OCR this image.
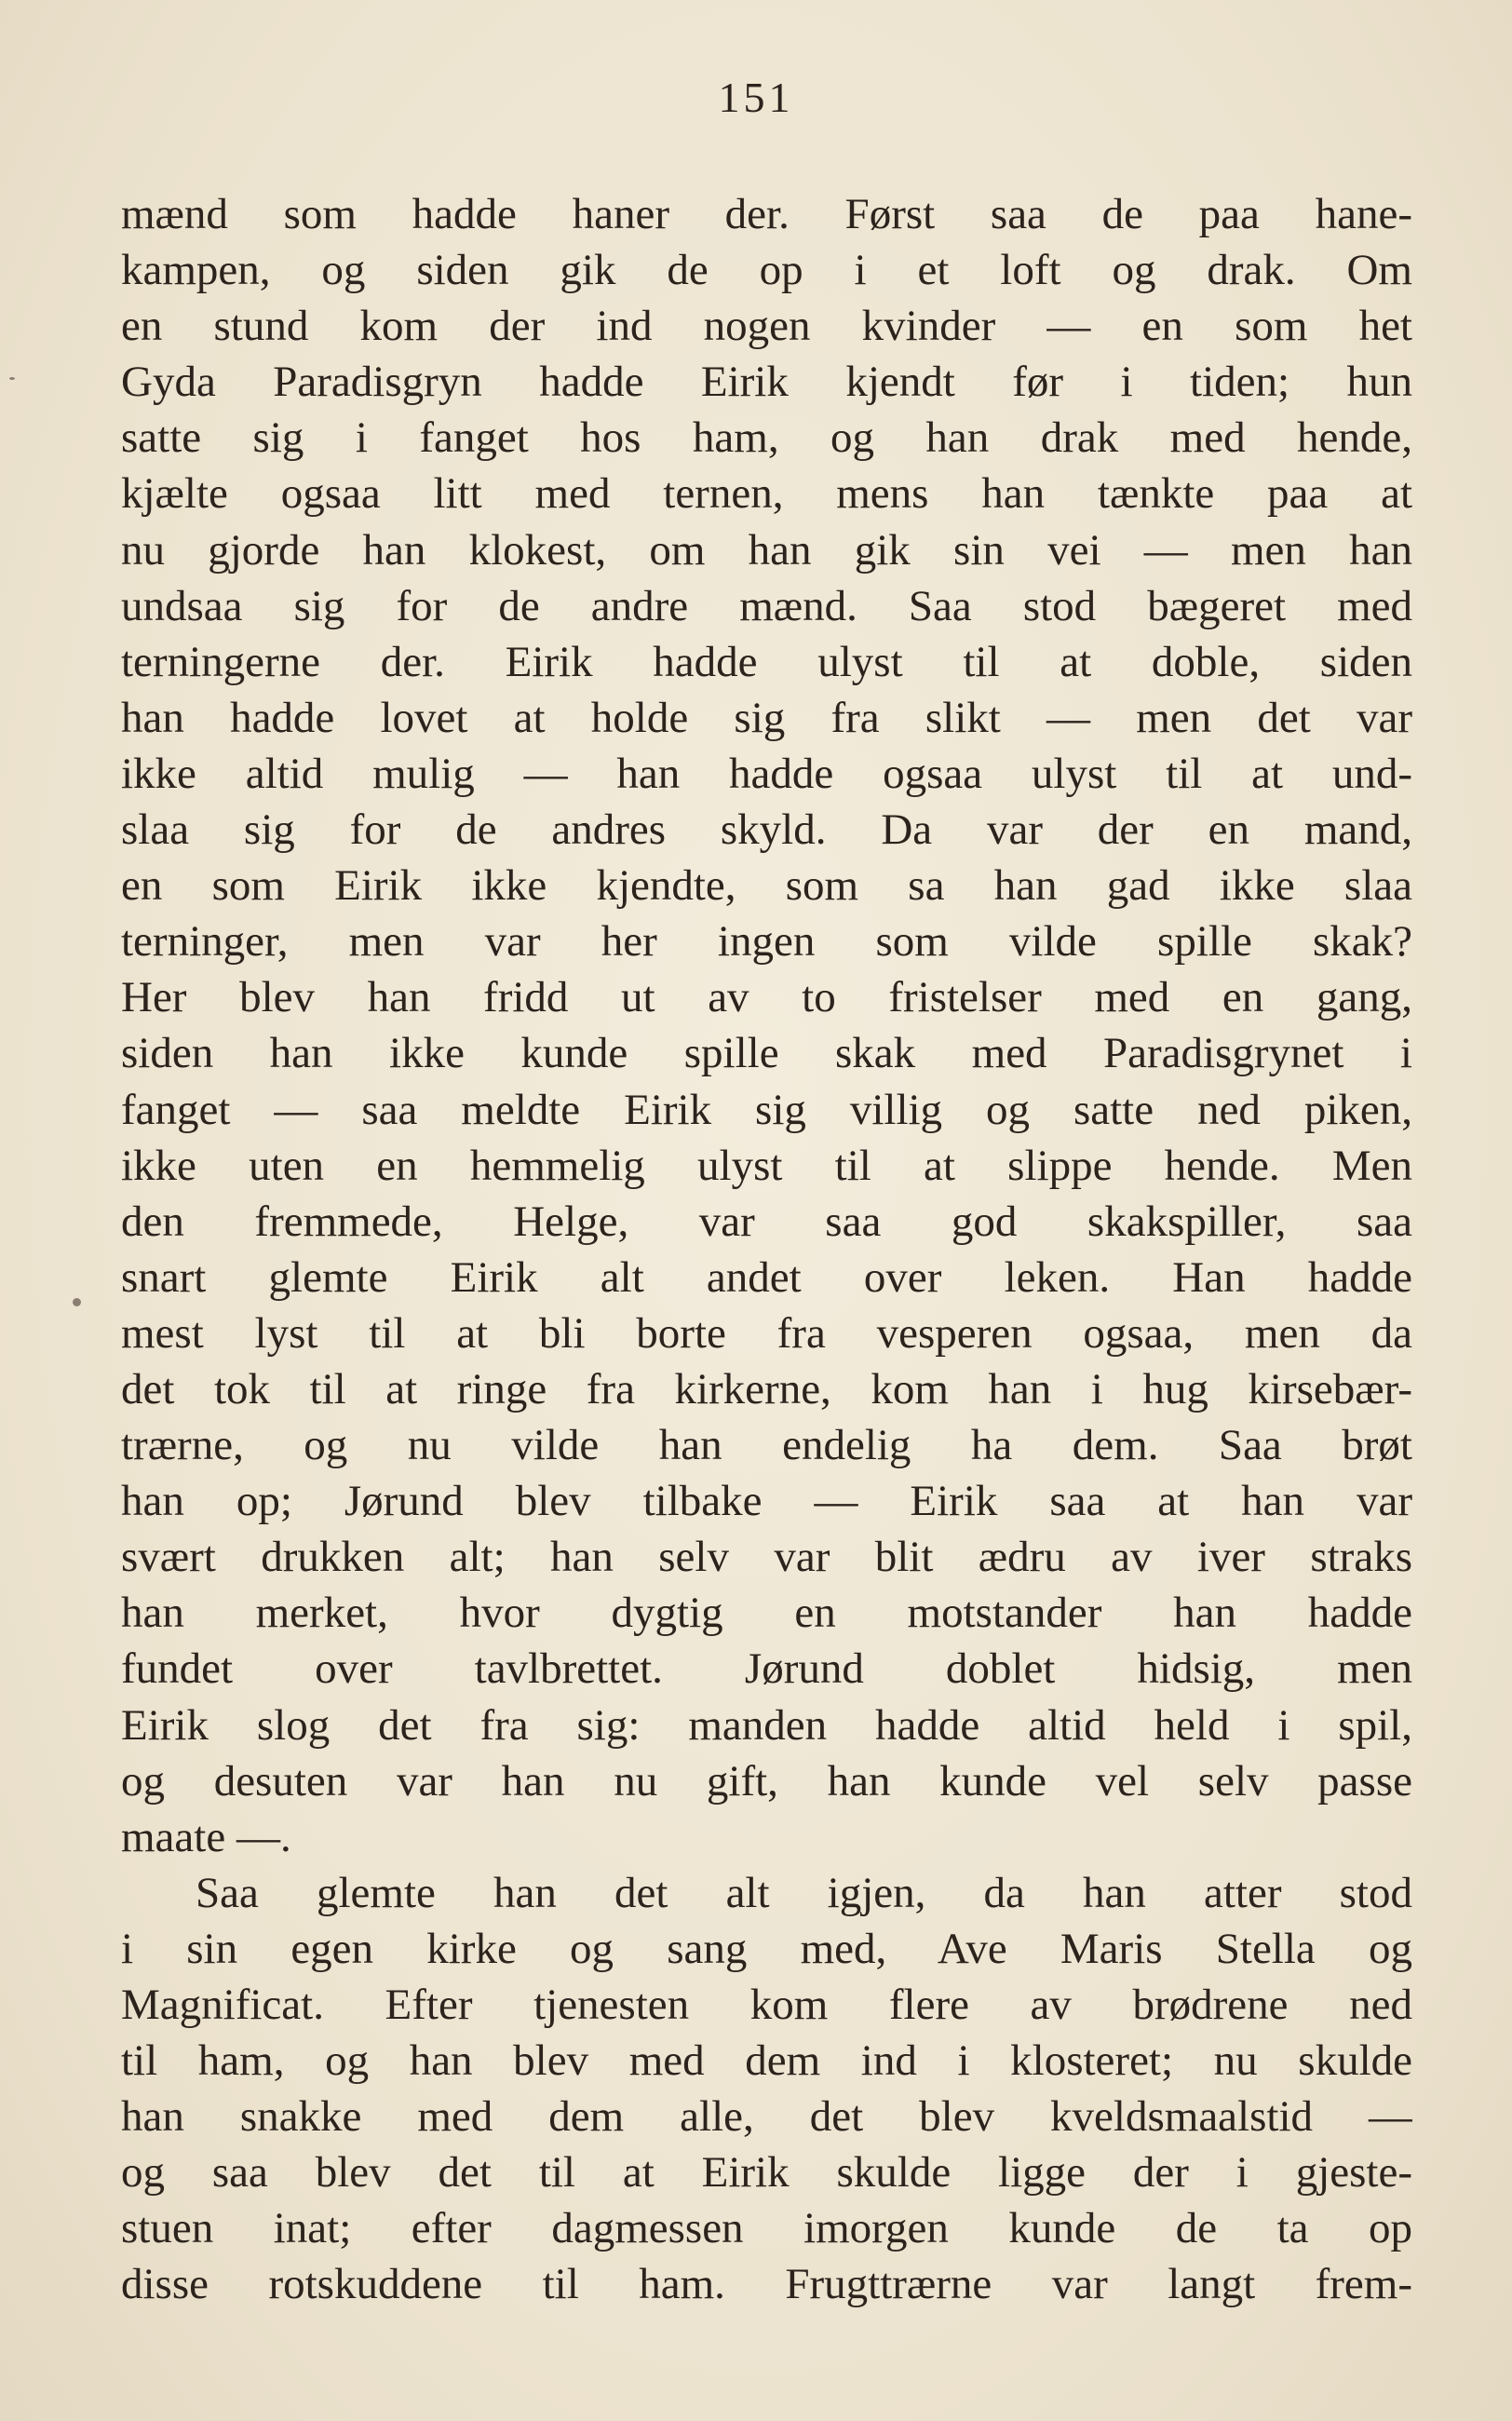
151
mænd som hadde haner der. Først saa de paa hane-
kampen, og siden gik de op i et loft og drak. Om
en stund kom der ind nogen kvinder — en som het
Gyda Paradisgryn hadde Eirik kjendt før i tiden; hun
satte sig i fanget hos ham, og han drak med hende,
kjælte ogsaa litt med ternen, mens han tænkte paa at
nu gjorde han klokest, om han gik sin vei — men han
undsaa sig for de andre mænd. Saa stod bægeret med
terningerne der. Eirik hadde ulyst til at doble, siden
han hadde lovet at holde sig fra slikt — men det var
ikke altid mulig — han hadde ogsaa ulyst til at und-
slaa sig for de andres skyld. Da var der en mand,
en som Eirik ikke kjendte, som sa han gad ikke slaa
terninger, men var her ingen som vilde spille skak?
Her blev han fridd ut av to fristelser med en gang,
siden han ikke kunde spille skak med Paradisgrynet i
fanget — saa meldte Eirik sig villig og satte ned piken,
ikke uten en hemmelig ulyst til at slippe hende. Men
den fremmede, Helge, var saa god skakspiller, saa
snart glemte Eirik alt andet over leken. Han hadde
mest lyst til at bli borte fra vesperen ogsaa, men da
det tok til at ringe fra kirkerne, kom han i hug kirsebær-
trærne, og nu vilde han endelig ha dem. Saa brøt
han op; Jørund blev tilbake — Eirik saa at han var
svært drukken alt; han selv var blit ædru av iver straks
han merket, hvor dygtig en motstander han hadde
fundet over tavlbrettet. Jørund doblet hidsig, men
Eirik slog det fra sig: manden hadde altid held i spil,
og desuten var han nu gift, han kunde vel selv passe
maate —.
Saa glemte han det alt igjen, da han atter stod
i sin egen kirke og sang med, Ave Maris Stella og
Magnificat. Efter tjenesten kom flere av brødrene ned
til ham, og han blev med dem ind i klosteret; nu skulde
han snakke med dem alle, det blev kveldsmaalstid —
og saa blev det til at Eirik skulde ligge der i gjeste-
stuen inat; efter dagmessen imorgen kunde de ta op
disse rotskuddene til ham. Frugttrærne var langt frem-
